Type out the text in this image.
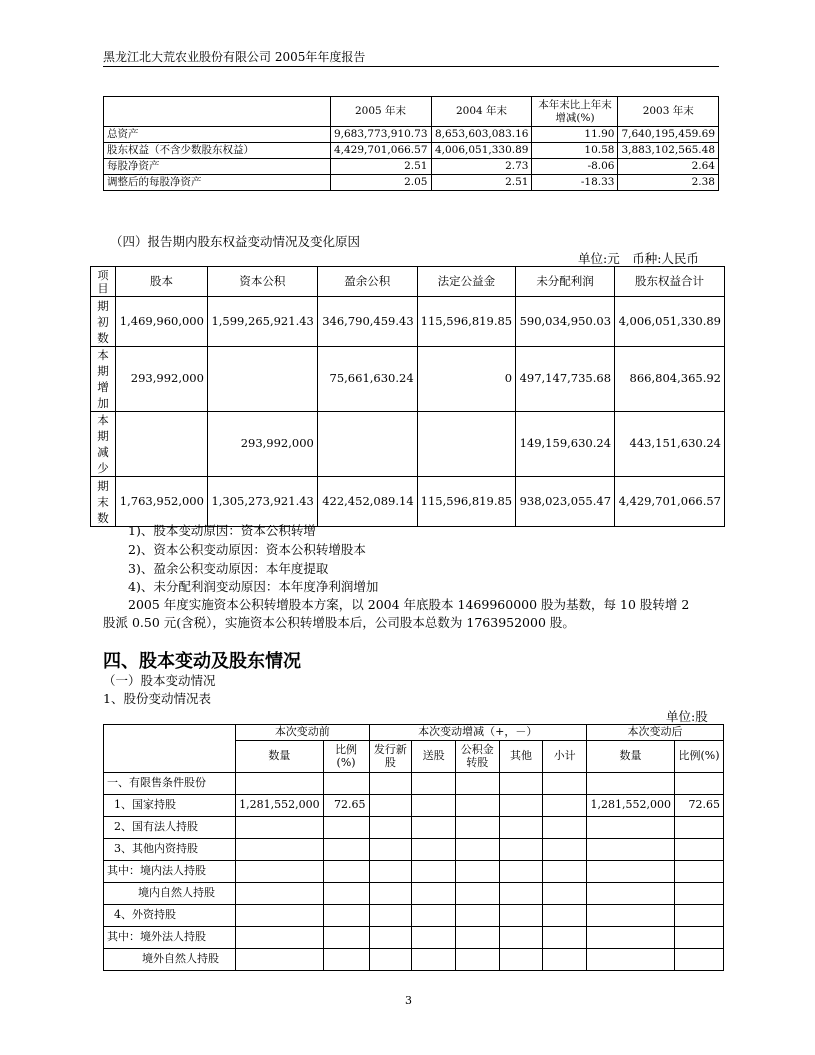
黑龙江北大荒农业股份有限公司 2005年年度报告
	2005 年末	2004 年末	本年末比上年末增减(%)	2003 年末
总资产	9,683,773,910.73	8,653,603,083.16	11.90	7,640,195,459.69
股东权益（不含少数股东权益）	4,429,701,066.57	4,006,051,330.89	10.58	3,883,102,565.48
每股净资产	2.51	2.73	-8.06	2.64
调整后的每股净资产	2.05	2.51	-18.33	2.38
（四）报告期内股东权益变动情况及变化原因
单位:元　币种:人民币
项目	股本	资本公积	盈余公积	法定公益金	未分配利润	股东权益合计
期初数	1,469,960,000	1,599,265,921.43	346,790,459.43	115,596,819.85	590,034,950.03	4,006,051,330.89
本期增加	293,992,000		75,661,630.24	0	497,147,735.68	866,804,365.92
本期减少		293,992,000			149,159,630.24	443,151,630.24
期末数	1,763,952,000	1,305,273,921.43	422,452,089.14	115,596,819.85	938,023,055.47	4,429,701,066.57
1)、股本变动原因：资本公积转增
2)、资本公积变动原因：资本公积转增股本
3)、盈余公积变动原因：本年度提取
4)、未分配利润变动原因：本年度净利润增加
2005 年度实施资本公积转增股本方案，以 2004 年底股本 1469960000 股为基数，每 10 股转增 2
股派 0.50 元(含税），实施资本公积转增股本后，公司股本总数为 1763952000 股。
四、股本变动及股东情况
（一）股本变动情况
1、股份变动情况表
单位:股
	本次变动前		本次变动增减（+，－）					本次变动后	
	数量	比例(%)	发行新股	送股	公积金转股	其他	小计	数量	比例(%)
一、有限售条件股份									
1、国家持股	1,281,552,000	72.65						1,281,552,000	72.65
2、国有法人持股									
3、其他内资持股									
其中：境内法人持股									
境内自然人持股									
4、外资持股									
其中：境外法人持股									
境外自然人持股									
3
